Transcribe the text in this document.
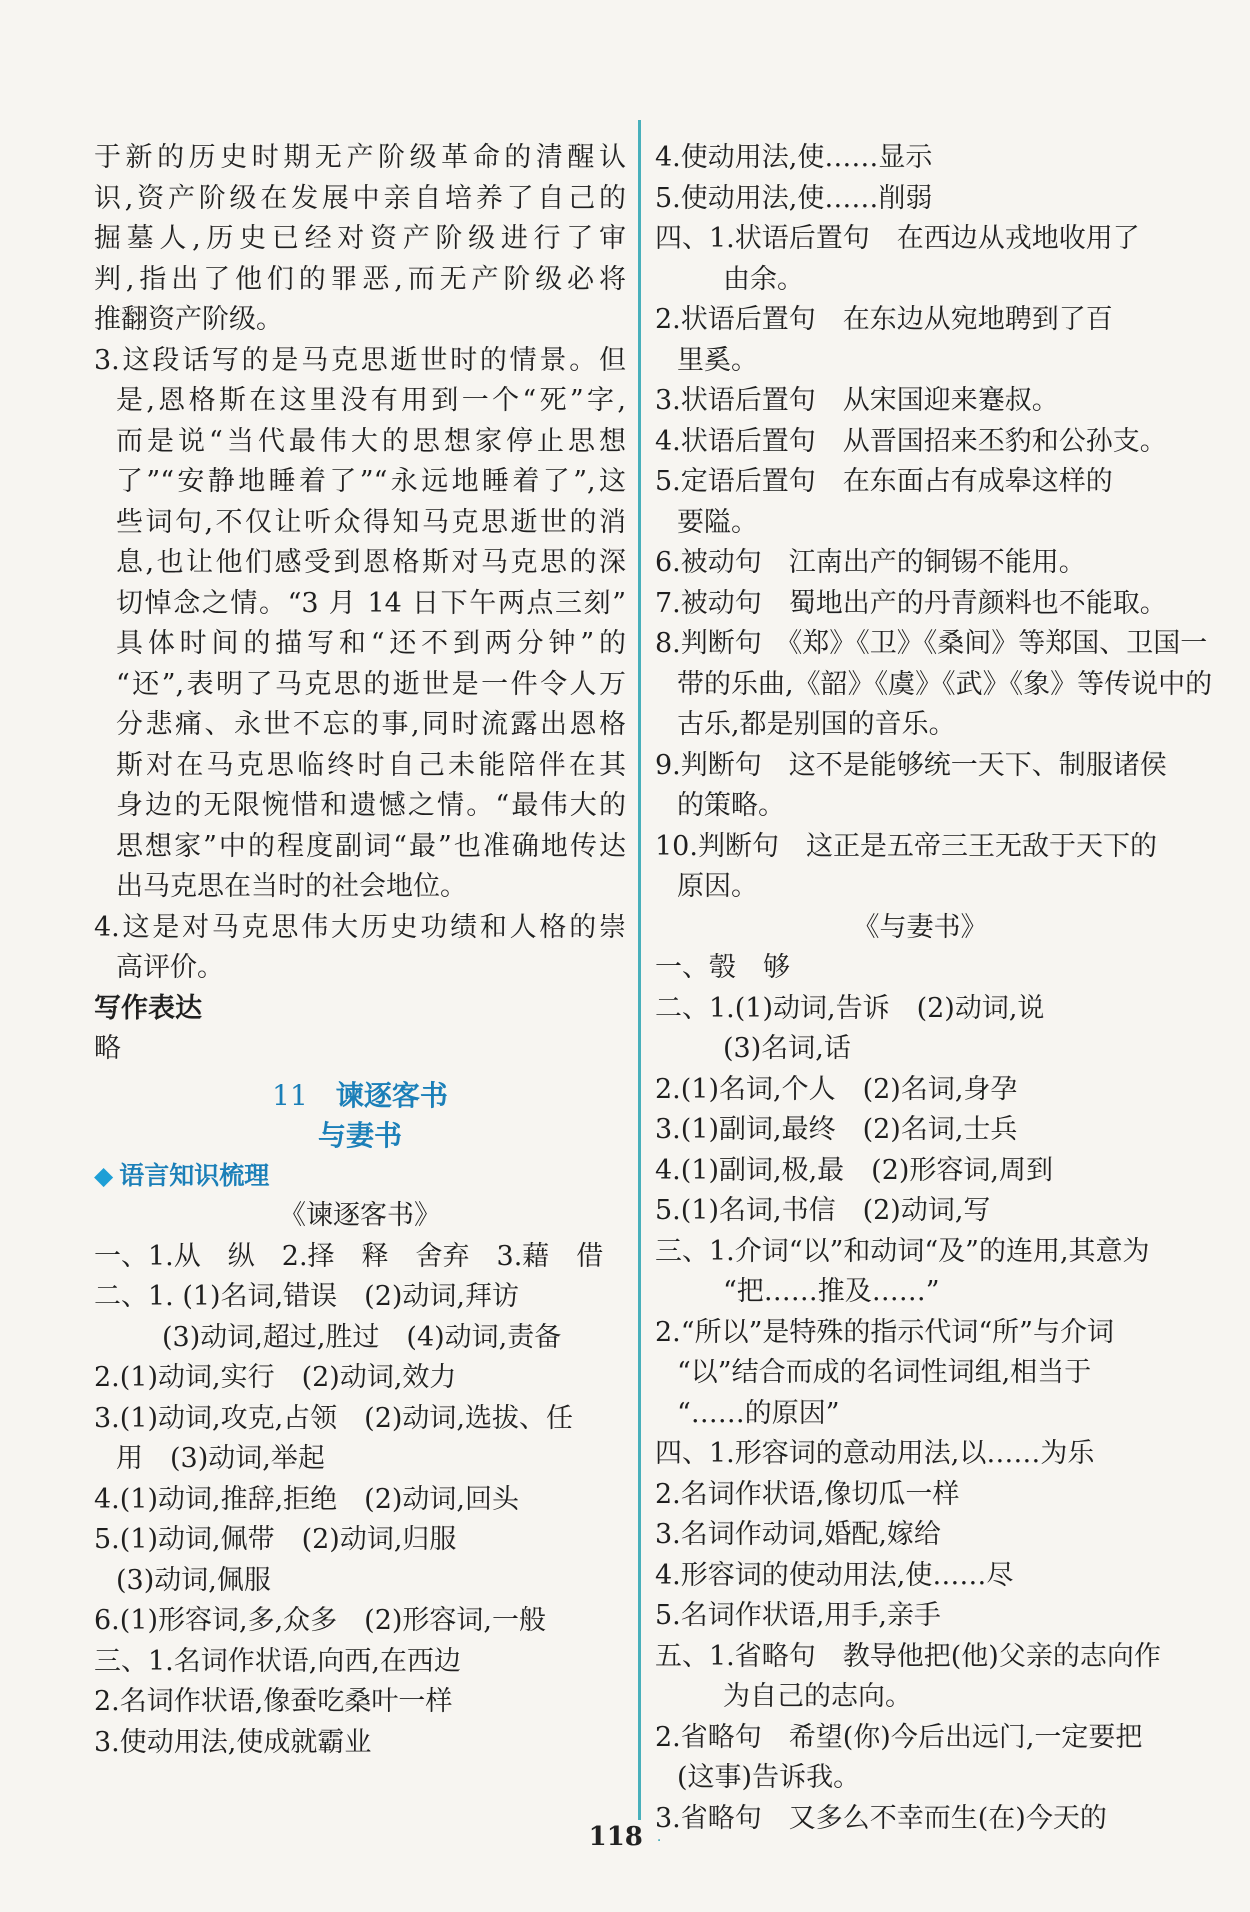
于新的历史时期无产阶级革命的清醒认
识,资产阶级在发展中亲自培养了自己的
掘墓人,历史已经对资产阶级进行了审
判,指出了他们的罪恶,而无产阶级必将
推翻资产阶级。
3.这段话写的是马克思逝世时的情景。但
是,恩格斯在这里没有用到一个“死”字,
而是说“当代最伟大的思想家停止思想
了”“安静地睡着了”“永远地睡着了”,这
些词句,不仅让听众得知马克思逝世的消
息,也让他们感受到恩格斯对马克思的深
切悼念之情。“3 月 14 日下午两点三刻”
具体时间的描写和“还不到两分钟”的
“还”,表明了马克思的逝世是一件令人万
分悲痛、永世不忘的事,同时流露出恩格
斯对在马克思临终时自己未能陪伴在其
身边的无限惋惜和遗憾之情。“最伟大的
思想家”中的程度副词“最”也准确地传达
出马克思在当时的社会地位。
4.这是对马克思伟大历史功绩和人格的崇
高评价。
写作表达
略
11 谏逐客书
与妻书
◆ 语言知识梳理
《谏逐客书》
一、1.从　纵　2.择　释　舍弃　3.藉　借
二、1. (1)名词,错误　(2)动词,拜访
(3)动词,超过,胜过　(4)动词,责备
2.(1)动词,实行　(2)动词,效力
3.(1)动词,攻克,占领　(2)动词,选拔、任
用　(3)动词,举起
4.(1)动词,推辞,拒绝　(2)动词,回头
5.(1)动词,佩带　(2)动词,归服
(3)动词,佩服
6.(1)形容词,多,众多　(2)形容词,一般
三、1.名词作状语,向西,在西边
2.名词作状语,像蚕吃桑叶一样
3.使动用法,使成就霸业
4.使动用法,使……显示
5.使动用法,使……削弱
四、1.状语后置句　在西边从戎地收用了
由余。
2.状语后置句　在东边从宛地聘到了百
里奚。
3.状语后置句　从宋国迎来蹇叔。
4.状语后置句　从晋国招来丕豹和公孙支。
5.定语后置句　在东面占有成皋这样的
要隘。
6.被动句　江南出产的铜锡不能用。
7.被动句　蜀地出产的丹青颜料也不能取。
8.判断句　《郑》《卫》《桑间》等郑国、卫国一
带的乐曲,《韶》《虞》《武》《象》等传说中的
古乐,都是别国的音乐。
9.判断句　这不是能够统一天下、制服诸侯
的策略。
10.判断句　这正是五帝三王无敌于天下的
原因。
《与妻书》
一、彀　够
二、1.(1)动词,告诉　(2)动词,说
(3)名词,话
2.(1)名词,个人　(2)名词,身孕
3.(1)副词,最终　(2)名词,士兵
4.(1)副词,极,最　(2)形容词,周到
5.(1)名词,书信　(2)动词,写
三、1.介词“以”和动词“及”的连用,其意为
“把……推及……”
2.“所以”是特殊的指示代词“所”与介词
“以”结合而成的名词性词组,相当于
“……的原因”
四、1.形容词的意动用法,以……为乐
2.名词作状语,像切瓜一样
3.名词作动词,婚配,嫁给
4.形容词的使动用法,使……尽
5.名词作状语,用手,亲手
五、1.省略句　教导他把(他)父亲的志向作
为自己的志向。
2.省略句　希望(你)今后出远门,一定要把
(这事)告诉我。
3.省略句　又多么不幸而生(在)今天的
118 ·
